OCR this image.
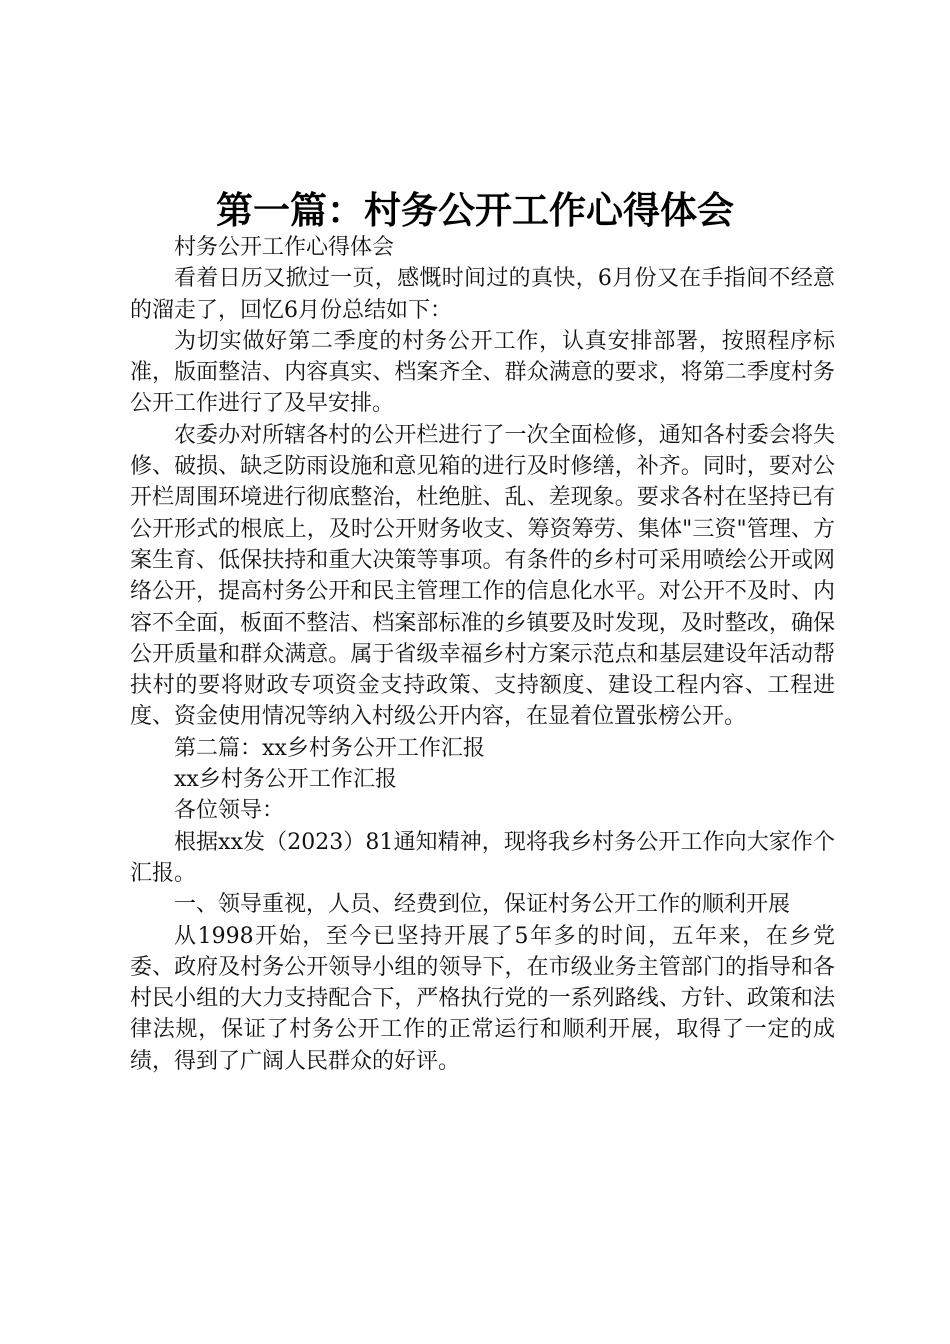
第一篇：村务公开工作心得体会

村务公开工作心得体会

看着日历又掀过一页，感慨时间过的真快，6月份又在手指间不经意的溜走了，回忆6月份总结如下：

为切实做好第二季度的村务公开工作，认真安排部署，按照程序标准，版面整洁、内容真实、档案齐全、群众满意的要求，将第二季度村务公开工作进行了及早安排。

农委办对所辖各村的公开栏进行了一次全面检修，通知各村委会将失修、破损、缺乏防雨设施和意见箱的进行及时修缮，补齐。同时，要对公开栏周围环境进行彻底整治，杜绝脏、乱、差现象。要求各村在坚持已有公开形式的根底上，及时公开财务收支、筹资筹劳、集体"三资"管理、方案生育、低保扶持和重大决策等事项。有条件的乡村可采用喷绘公开或网络公开，提高村务公开和民主管理工作的信息化水平。对公开不及时、内容不全面，板面不整洁、档案部标准的乡镇要及时发现，及时整改，确保公开质量和群众满意。属于省级幸福乡村方案示范点和基层建设年活动帮扶村的要将财政专项资金支持政策、支持额度、建设工程内容、工程进度、资金使用情况等纳入村级公开内容，在显着位置张榜公开。

第二篇：xx乡村务公开工作汇报

xx乡村务公开工作汇报

各位领导：

根据xx发（2023）81通知精神，现将我乡村务公开工作向大家作个汇报。

一、领导重视，人员、经费到位，保证村务公开工作的顺利开展

从1998开始，至今已坚持开展了5年多的时间，五年来，在乡党委、政府及村务公开领导小组的领导下，在市级业务主管部门的指导和各村民小组的大力支持配合下，严格执行党的一系列路线、方针、政策和法律法规，保证了村务公开工作的正常运行和顺利开展，取得了一定的成绩，得到了广阔人民群众的好评。
